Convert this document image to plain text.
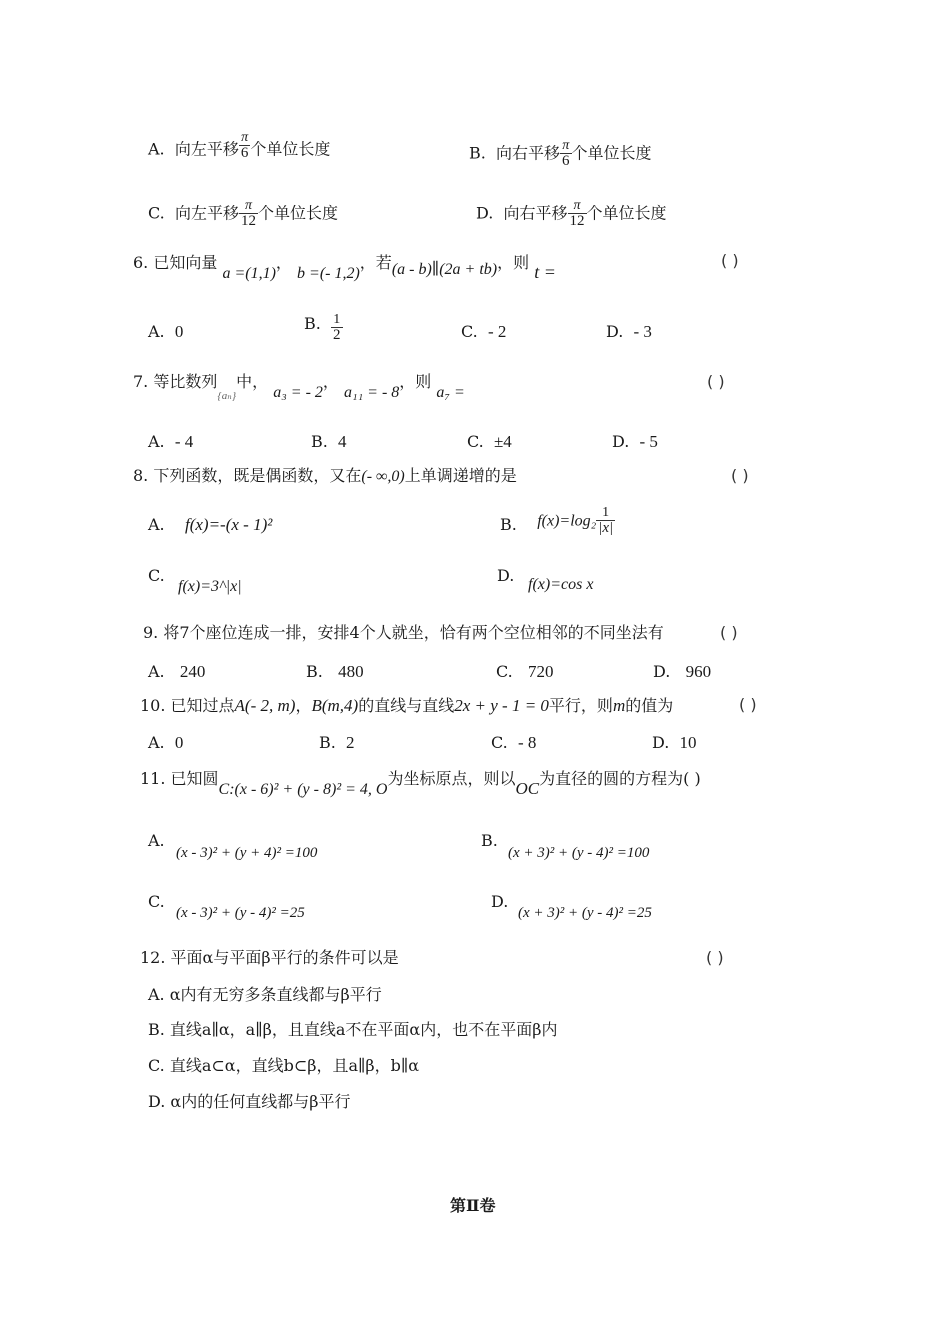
A. 向左平移 $\frac{\pi}{6}$ 个单位长度	B. 向右平移 $\frac{\pi}{6}$ 个单位长度
C. 向左平移 $\frac{\pi}{12}$ 个单位长度	D. 向右平移 $\frac{\pi}{12}$ 个单位长度
6. 已知向量 a =(1,1)， b =(- 1,2)，若(a - b)∥(2a + tb)，则 t =
( )
A. 0	B. $\frac{1}{2}$	C. - 2	D. - 3
7. 等比数列$_{\{a_n\}}$中， a₃ = - 2， a₁₁ = - 8，则 a₇ =
( )
A. - 4	B. 4	C. ±4	D. - 5
8. 下列函数，既是偶函数，又在(- ∞,0)上单调递增的是	( )
A. f(x)=-(x - 1)²	B. $f(x)=\log_2 \frac{1}{|x|}$
C.
f(x)=3^|x|
D. f(x)=cos x
9. 将7个座位连成一排，安排4个人就坐，恰有两个空位相邻的不同坐法有	( )
A. 240	B. 480	C. 720	D. 960
10. 已知过点A(- 2, m)，B(m,4)的直线与直线2x + y - 1 = 0平行，则m的值为	( )
A. 0	B. 2	C. - 8	D. 10
11. 已知圆C:(x - 6)² + (y - 8)² = 4, O为坐标原点，则以OC为直径的圆的方程为( )
A.
(x - 3)² + (y + 4)² =100
B.
(x + 3)² + (y - 4)² =100
C.
(x - 3)² + (y - 4)² =25
D.
(x + 3)² + (y - 4)² =25
12. 平面α与平面β平行的条件可以是	( )
A. α内有无穷多条直线都与β平行
B. 直线a∥α，a∥β，且直线a不在平面α内，也不在平面β内
C. 直线a⊂α，直线b⊂β，且a∥β，b∥α
D. α内的任何直线都与β平行
第Ⅱ卷
